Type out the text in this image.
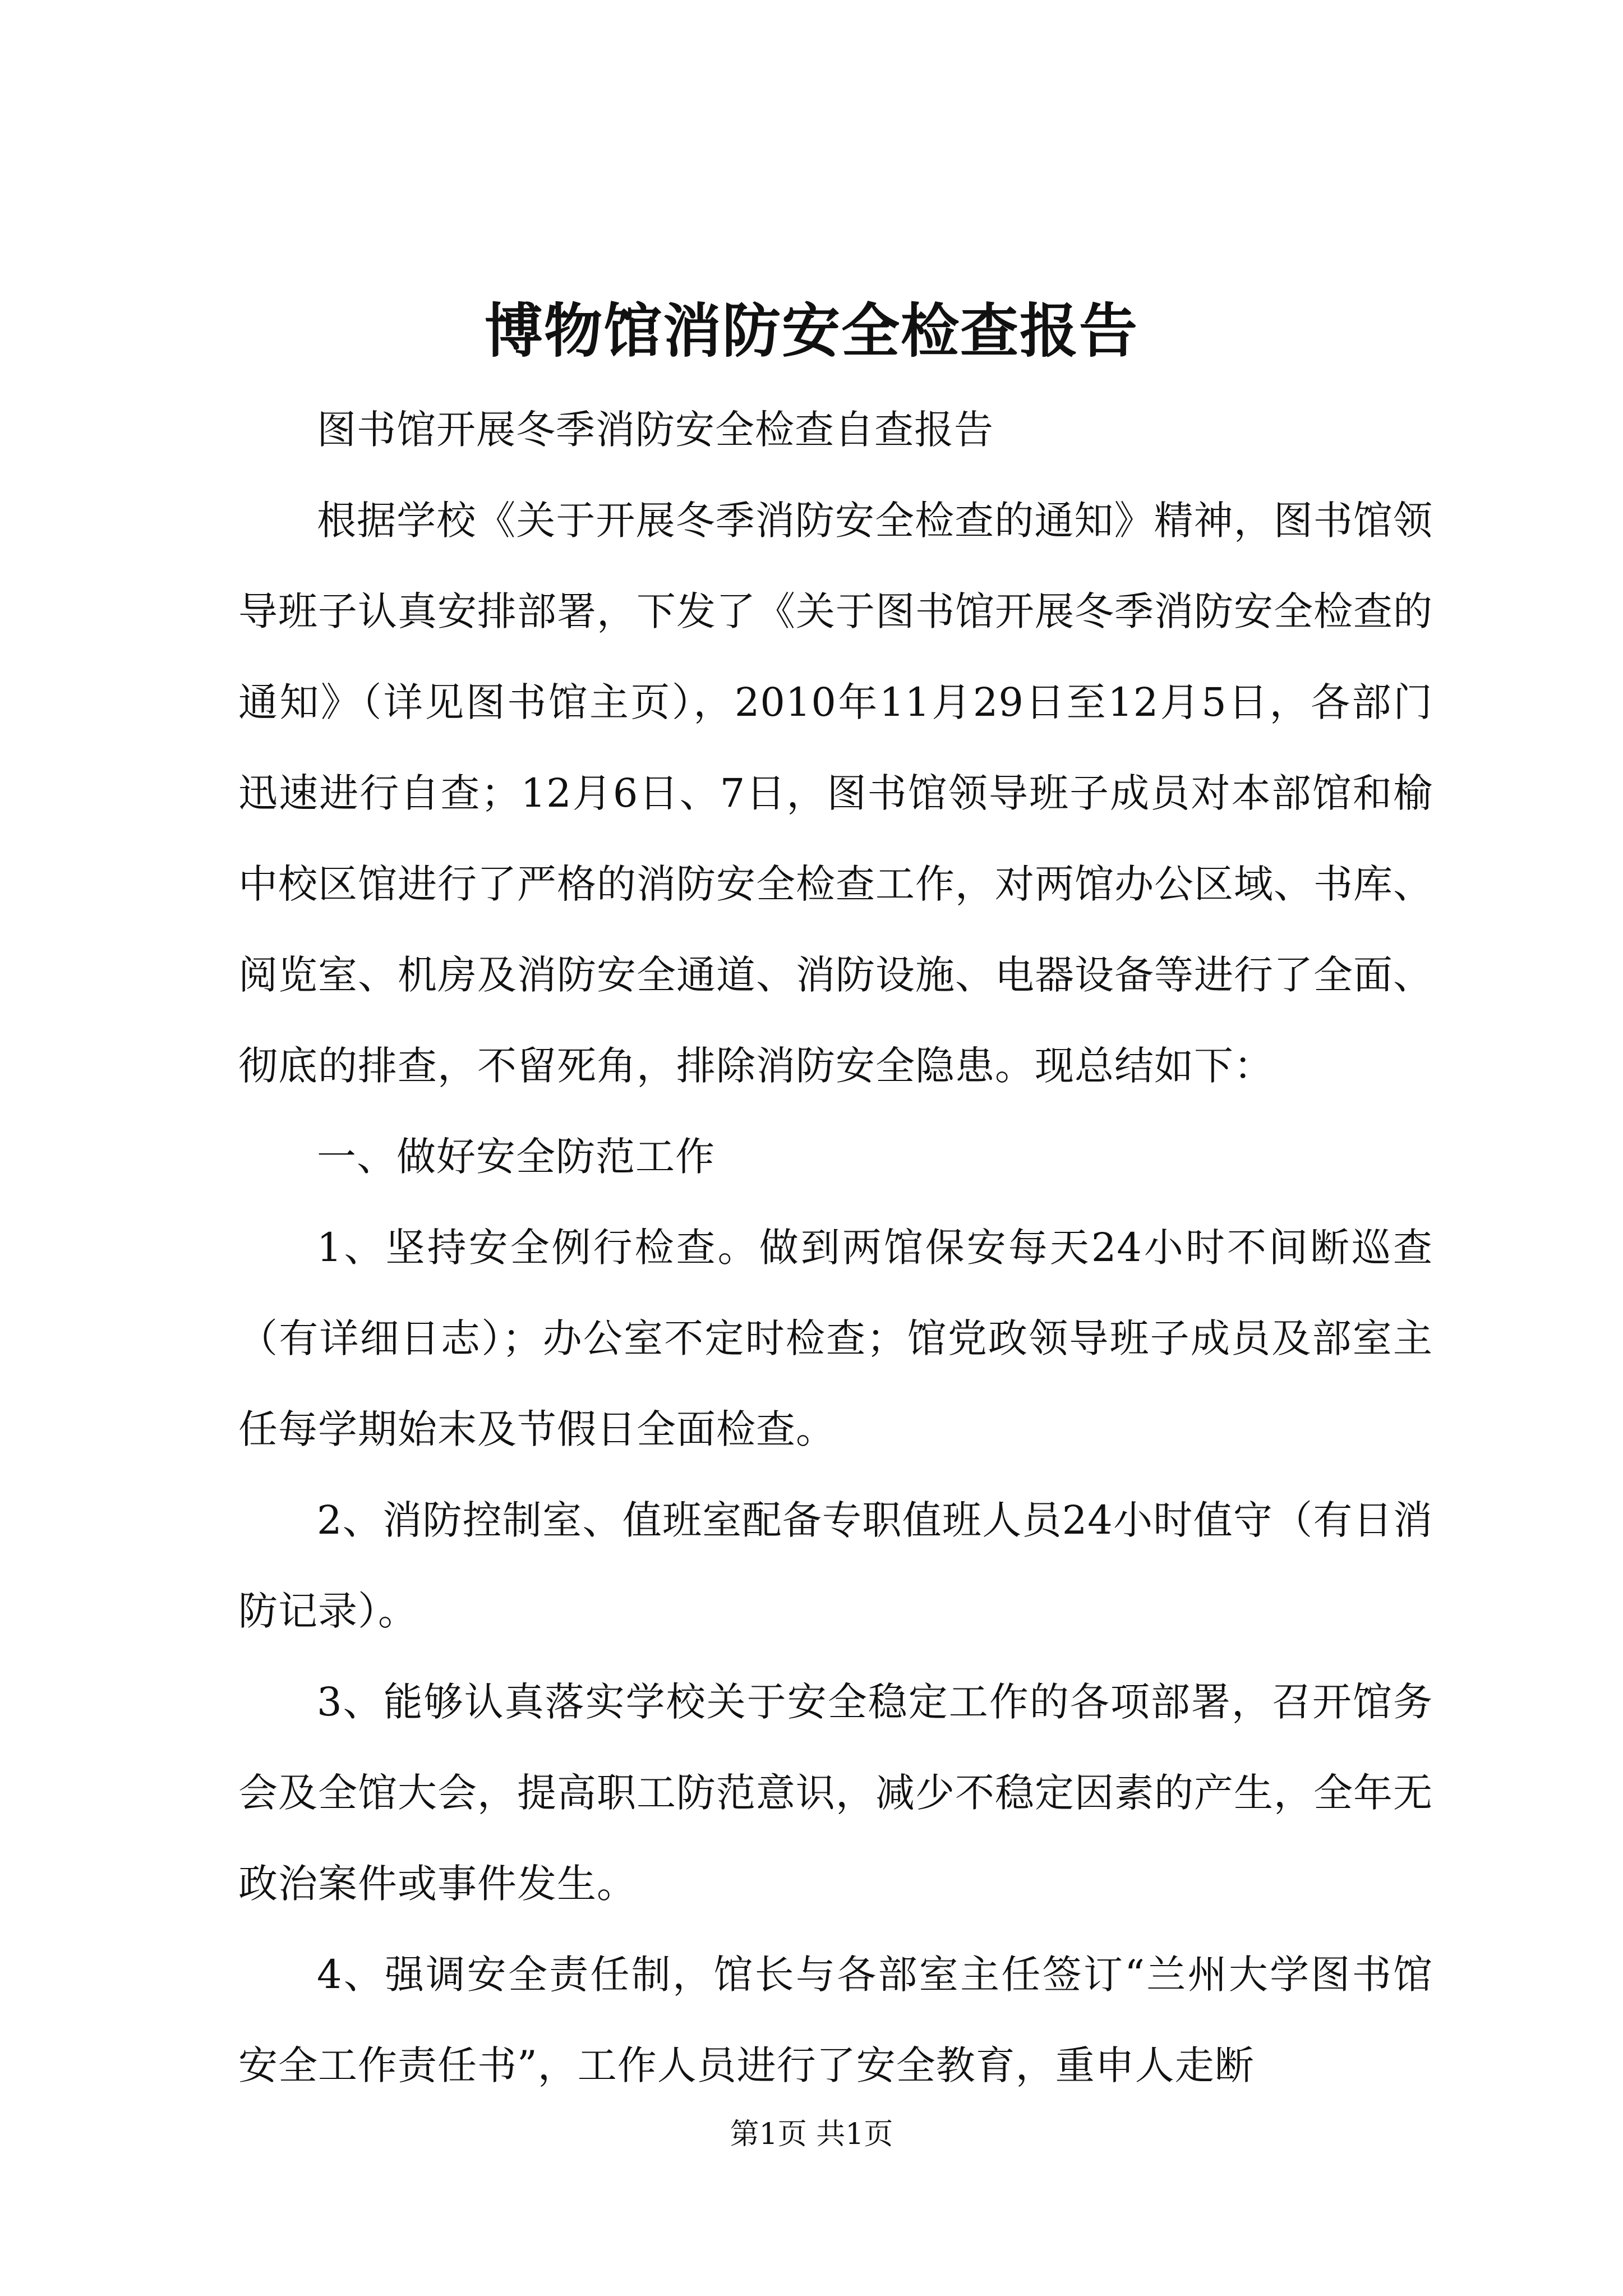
博物馆消防安全检查报告

图书馆开展冬季消防安全检查自查报告

根据学校《关于开展冬季消防安全检查的通知》精神，图书馆领导班子认真安排部署，下发了《关于图书馆开展冬季消防安全检查的通知》（详见图书馆主页），2010年11月29日至12月5日，各部门迅速进行自查；12月6日、7日，图书馆领导班子成员对本部馆和榆中校区馆进行了严格的消防安全检查工作，对两馆办公区域、书库、阅览室、机房及消防安全通道、消防设施、电器设备等进行了全面、彻底的排查，不留死角，排除消防安全隐患。现总结如下：

一、做好安全防范工作

1、坚持安全例行检查。做到两馆保安每天24小时不间断巡查（有详细日志）；办公室不定时检查；馆党政领导班子成员及部室主任每学期始末及节假日全面检查。

2、消防控制室、值班室配备专职值班人员24小时值守（有日消防记录）。

3、能够认真落实学校关于安全稳定工作的各项部署，召开馆务会及全馆大会，提高职工防范意识，减少不稳定因素的产生，全年无政治案件或事件发生。

4、强调安全责任制，馆长与各部室主任签订“兰州大学图书馆安全工作责任书”，工作人员进行了安全教育，重申人走断

第1页 共1页
